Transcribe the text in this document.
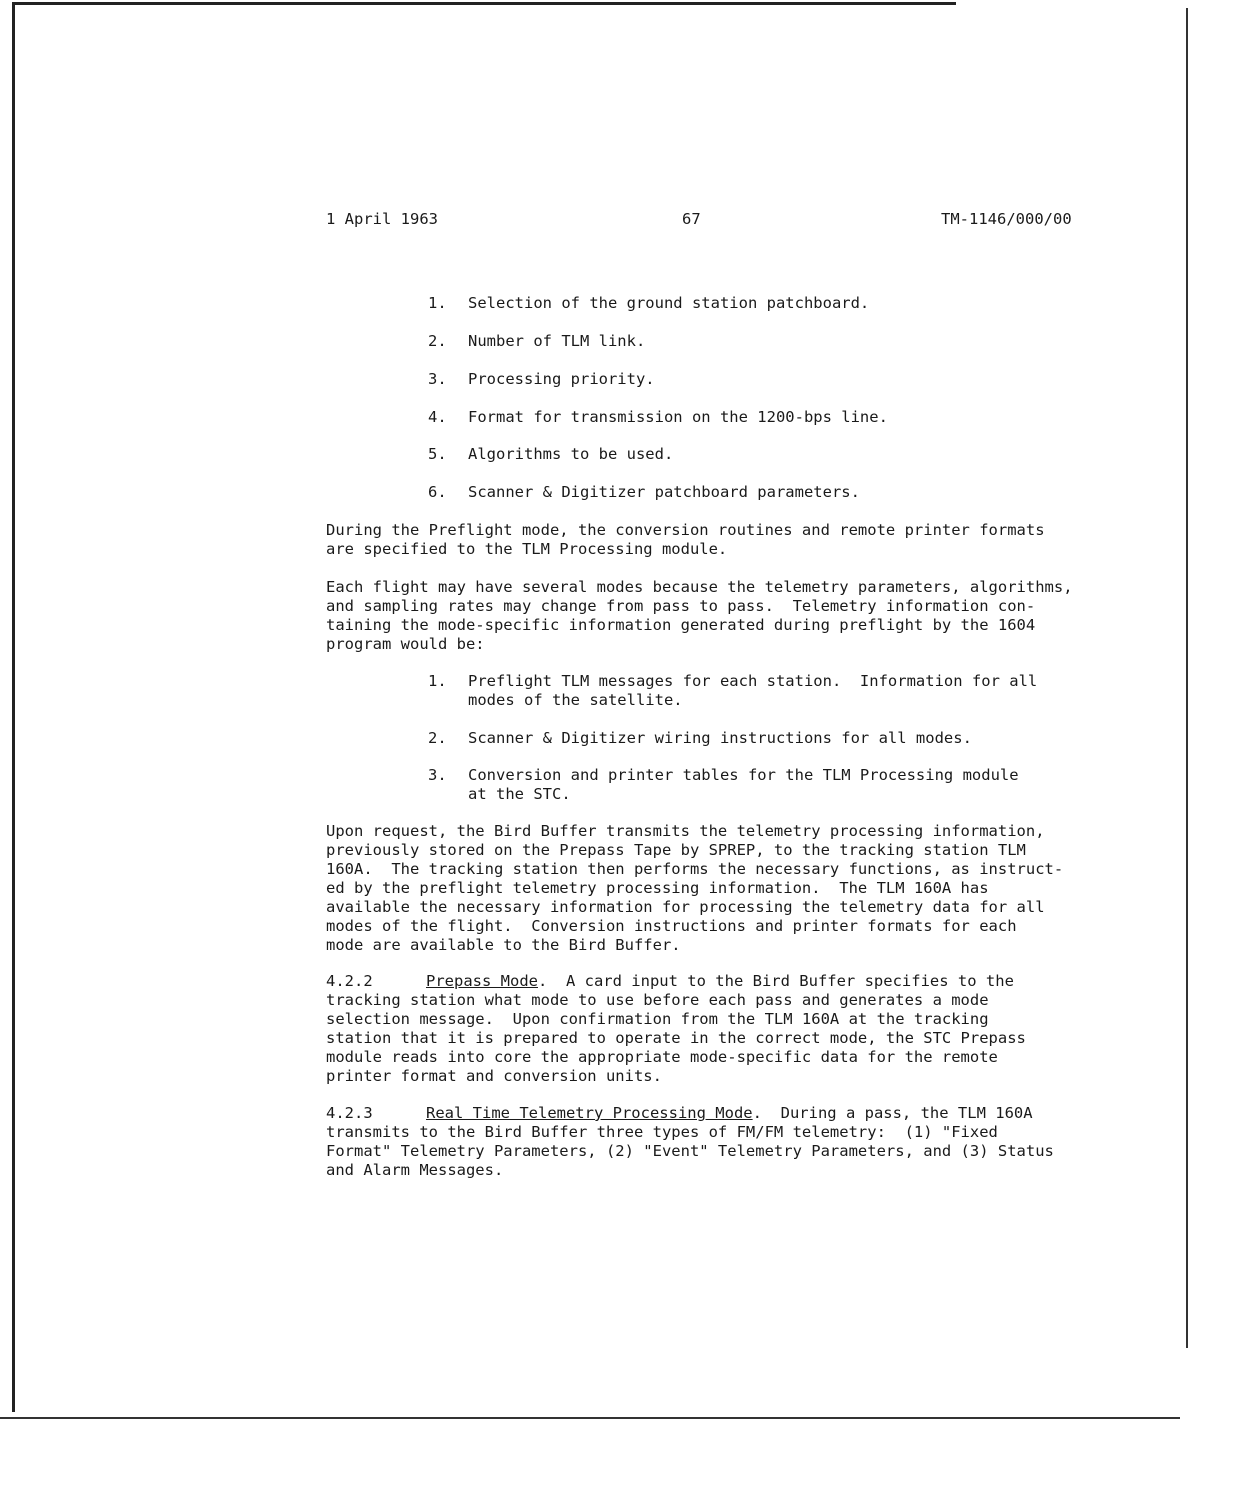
1 April 1963	67	TM-1146/000/00
1. Selection of the ground station patchboard.
2. Number of TLM link.
3. Processing priority.
4. Format for transmission on the 1200-bps line.
5. Algorithms to be used.
6. Scanner & Digitizer patchboard parameters.
During the Preflight mode, the conversion routines and remote printer formats
are specified to the TLM Processing module.
Each flight may have several modes because the telemetry parameters, algorithms,
and sampling rates may change from pass to pass.  Telemetry information con-
taining the mode-specific information generated during preflight by the 1604
program would be:
1. Preflight TLM messages for each station.  Information for all
modes of the satellite.
2. Scanner & Digitizer wiring instructions for all modes.
3. Conversion and printer tables for the TLM Processing module
at the STC.
Upon request, the Bird Buffer transmits the telemetry processing information,
previously stored on the Prepass Tape by SPREP, to the tracking station TLM
160A.  The tracking station then performs the necessary functions, as instruct-
ed by the preflight telemetry processing information.  The TLM 160A has
available the necessary information for processing the telemetry data for all
modes of the flight.  Conversion instructions and printer formats for each
mode are available to the Bird Buffer.
4.2.2	Prepass Mode.  A card input to the Bird Buffer specifies to the
tracking station what mode to use before each pass and generates a mode
selection message.  Upon confirmation from the TLM 160A at the tracking
station that it is prepared to operate in the correct mode, the STC Prepass
module reads into core the appropriate mode-specific data for the remote
printer format and conversion units.
4.2.3	Real Time Telemetry Processing Mode.  During a pass, the TLM 160A
transmits to the Bird Buffer three types of FM/FM telemetry:  (1) "Fixed
Format" Telemetry Parameters, (2) "Event" Telemetry Parameters, and (3) Status
and Alarm Messages.
